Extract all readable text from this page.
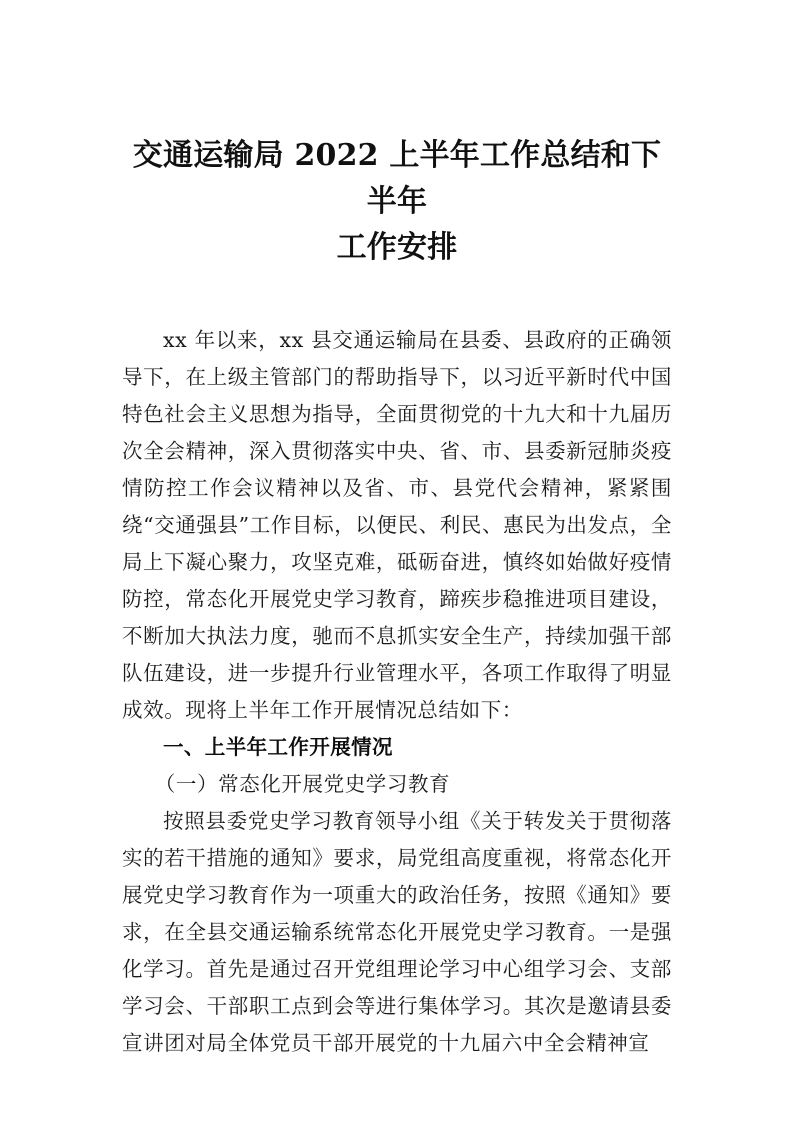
交通运输局 2022 上半年工作总结和下半年
工作安排

xx 年以来，xx 县交通运输局在县委、县政府的正确领导下，在上级主管部门的帮助指导下，以习近平新时代中国特色社会主义思想为指导，全面贯彻党的十九大和十九届历次全会精神，深入贯彻落实中央、省、市、县委新冠肺炎疫情防控工作会议精神以及省、市、县党代会精神，紧紧围绕“交通强县”工作目标，以便民、利民、惠民为出发点，全局上下凝心聚力，攻坚克难，砥砺奋进，慎终如始做好疫情防控，常态化开展党史学习教育，蹄疾步稳推进项目建设，不断加大执法力度，驰而不息抓实安全生产，持续加强干部队伍建设，进一步提升行业管理水平，各项工作取得了明显成效。现将上半年工作开展情况总结如下：

一、上半年工作开展情况

（一）常态化开展党史学习教育

按照县委党史学习教育领导小组《关于转发关于贯彻落实的若干措施的通知》要求，局党组高度重视，将常态化开展党史学习教育作为一项重大的政治任务，按照《通知》要求，在全县交通运输系统常态化开展党史学习教育。一是强化学习。首先是通过召开党组理论学习中心组学习会、支部学习会、干部职工点到会等进行集体学习。其次是邀请县委宣讲团对局全体党员干部开展党的十九届六中全会精神宣
